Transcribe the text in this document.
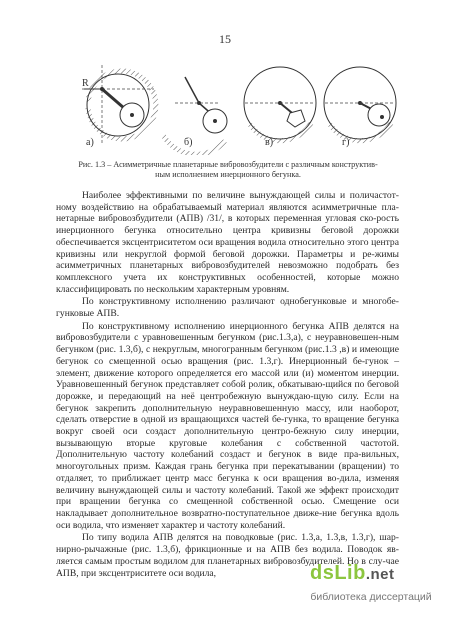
15
R
а)	б)	в)	г)
Рис. 1.3 – Асимметричные планетарные вибровозбудители с различным конструктив-
ным исполнением инерционного бегунка.

Наиболее эффективными по величине вынуждающей силы и поличастот-ному воздействию на обрабатываемый материал являются асимметричные пла-нетарные вибровозбудители (АПВ) /31/, в которых переменная угловая ско-рость инерционного бегунка относительно центра кривизны беговой дорожки обеспечивается эксцентриситетом оси вращения водила относительно этого центра кривизны или некруглой формой беговой дорожки. Параметры и ре-жимы асимметричных планетарных вибровозбудителей невозможно подобрать без комплексного учета их конструктивных особенностей, которые можно классифицировать по нескольким характерным уровням.

По конструктивному исполнению различают однобегунковые и многобе-гунковые АПВ.

По конструктивному исполнению инерционного бегунка АПВ делятся на вибровозбудители с уравновешенным бегунком (рис.1.3,а), с неуравновешен-ным бегунком (рис. 1.3,б), с некруглым, многогранным бегунком (рис.1.3 ,в) и имеющие бегунок со смещенной осью вращения (рис. 1.3,г). Инерционный бе-гунок – элемент, движение которого определяется его массой или (и) моментом инерции. Уравновешенный бегунок представляет собой ролик, обкатываю-щийся по беговой дорожке, и передающий на неё центробежную вынуждаю-щую силу. Если на бегунок закрепить дополнительную неуравновешенную массу, или наоборот, сделать отверстие в одной из вращающихся частей бе-гунка, то вращение бегунка вокруг своей оси создаст дополнительную центро-бежную силу инерции, вызывающую вторые круговые колебания с собственной частотой. Дополнительную частоту колебаний создаст и бегунок в виде пра-вильных, многоугольных призм. Каждая грань бегунка при перекатывании (вращении) то отдаляет, то приближает центр масс бегунка к оси вращения во-дила, изменяя величину вынуждающей силы и частоту колебаний. Такой же эффект происходит при вращении бегунка со смещенной собственной осью. Смещение оси накладывает дополнительное возвратно-поступательное движе-ние бегунка вдоль оси водила, что изменяет характер и частоту колебаний.

По типу водила АПВ делятся на поводковые (рис. 1.3,а, 1.3,в, 1.3,г), шар-нирно-рычажные (рис. 1.3,б), фрикционные и на АПВ без водила. Поводок яв-ляется самым простым водилом для планетарных вибровозбудителей. Но в слу-чае АПВ, при эксцентриситете оси водила,	dsLib.net
библиотека диссертаций
